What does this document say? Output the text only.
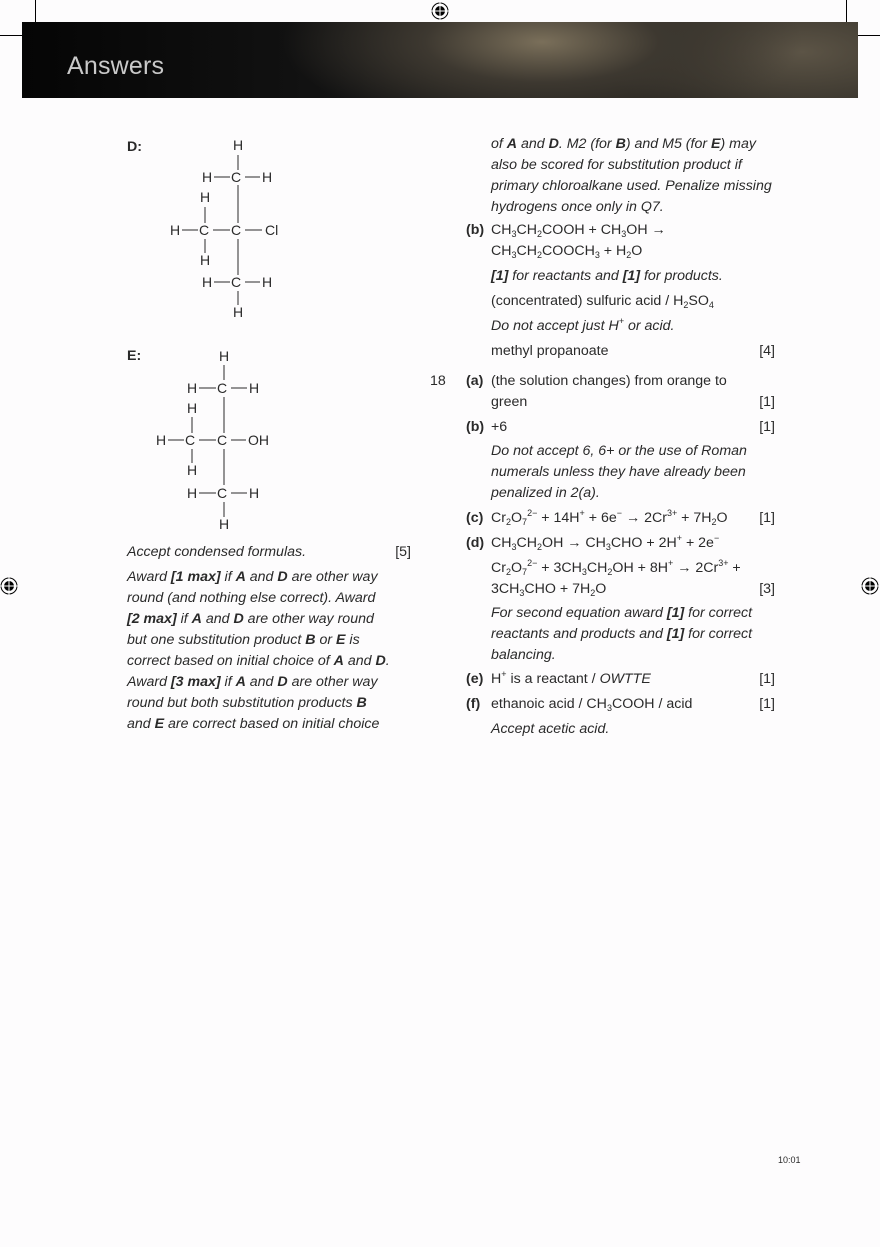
Answers
D:	H
H C H
H
H C C Cl
H
H C H
H
E:	H
H C H
H
H C C OH
H
H C H
H
Accept condensed formulas.	[5]
Award [1 max] if A and D are other way
round (and nothing else correct). Award
[2 max] if A and D are other way round
but one substitution product B or E is
correct based on initial choice of A and D.
Award [3 max] if A and D are other way
round but both substitution products B
and E are correct based on initial choice
of A and D. M2 (for B) and M5 (for E) may
also be scored for substitution product if
primary chloroalkane used. Penalize missing
hydrogens once only in Q7.
(b) $CH_3CH_2COOH + CH_3OH$ →
$CH_3CH_2COOCH_3 + H_2O$
[1] for reactants and [1] for products.
(concentrated) sulfuric acid / $H_2SO_4$
Do not accept just H+ or acid.
methyl propanoate	[4]
18 (a) (the solution changes) from orange to
green	[1]
(b) +6	[1]
Do not accept 6, 6+ or the use of Roman
numerals unless they have already been
penalized in 2(a).
(c) $Cr_2O_7^{2-} + 14H^+ + 6e^- \to 2Cr^{3+} + 7H_2O$	[1]
(d) $CH_3CH_2OH \to CH_3CHO + 2H^+ + 2e^-$
$Cr_2O_7^{2-} + 3CH_3CH_2OH + 8H^+ \to 2Cr^{3+}$ +
$3CH_3CHO + 7H_2O$	[3]
For second equation award [1] for correct
reactants and products and [1] for correct
balancing.
(e) H+ is a reactant / OWTTE	[1]
(f) ethanoic acid / $CH_3COOH$ / acid	[1]
Accept acetic acid.
10:01
